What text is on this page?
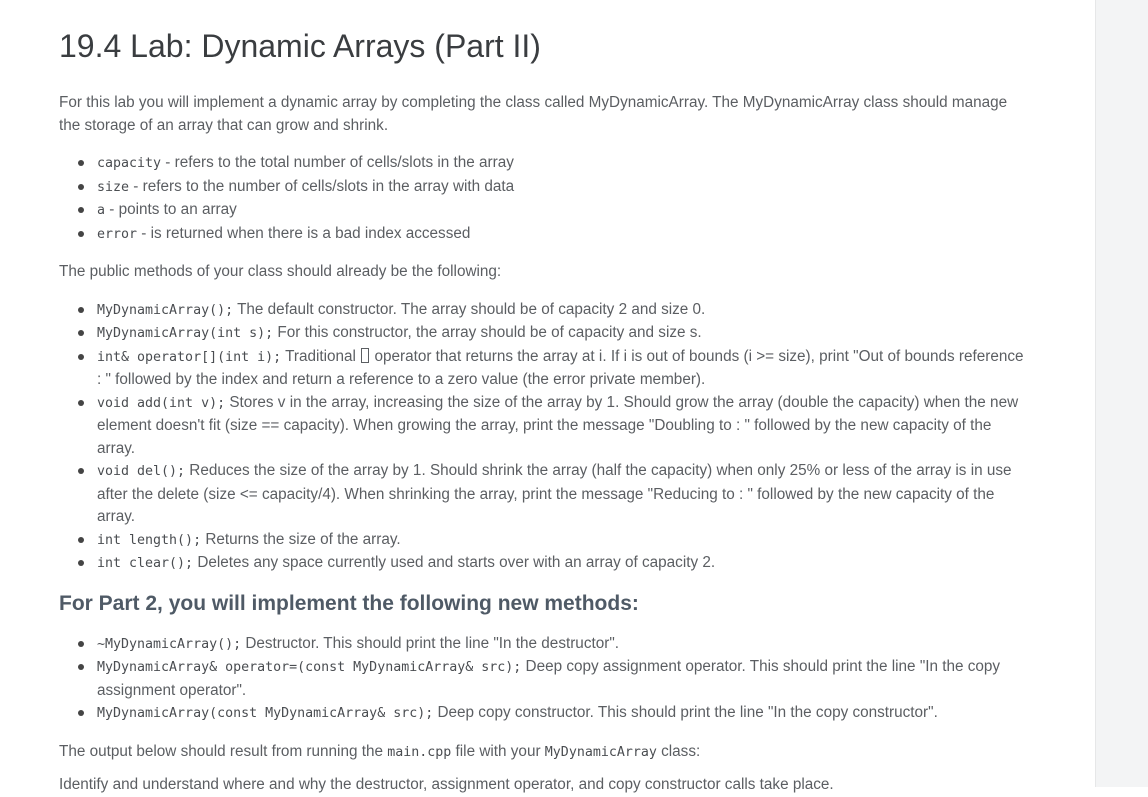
19.4 Lab: Dynamic Arrays (Part II)

For this lab you will implement a dynamic array by completing the class called MyDynamicArray. The MyDynamicArray class should manage the storage of an array that can grow and shrink.

capacity - refers to the total number of cells/slots in the array
size - refers to the number of cells/slots in the array with data
a - points to an array
error - is returned when there is a bad index accessed

The public methods of your class should already be the following:

MyDynamicArray(); The default constructor. The array should be of capacity 2 and size 0.
MyDynamicArray(int s); For this constructor, the array should be of capacity and size s.
int& operator[](int i); Traditional  operator that returns the array at i. If i is out of bounds (i >= size), print "Out of bounds reference : " followed by the index and return a reference to a zero value (the error private member).
void add(int v); Stores v in the array, increasing the size of the array by 1. Should grow the array (double the capacity) when the new element doesn't fit (size == capacity). When growing the array, print the message "Doubling to : " followed by the new capacity of the array.
void del(); Reduces the size of the array by 1. Should shrink the array (half the capacity) when only 25% or less of the array is in use after the delete (size <= capacity/4). When shrinking the array, print the message "Reducing to : " followed by the new capacity of the array.
int length(); Returns the size of the array.
int clear(); Deletes any space currently used and starts over with an array of capacity 2.
For Part 2, you will implement the following new methods:
~MyDynamicArray(); Destructor. This should print the line "In the destructor".
MyDynamicArray& operator=(const MyDynamicArray& src); Deep copy assignment operator. This should print the line "In the copy assignment operator".
MyDynamicArray(const MyDynamicArray& src); Deep copy constructor. This should print the line "In the copy constructor".

The output below should result from running the main.cpp file with your MyDynamicArray class:

Identify and understand where and why the destructor, assignment operator, and copy constructor calls take place.
